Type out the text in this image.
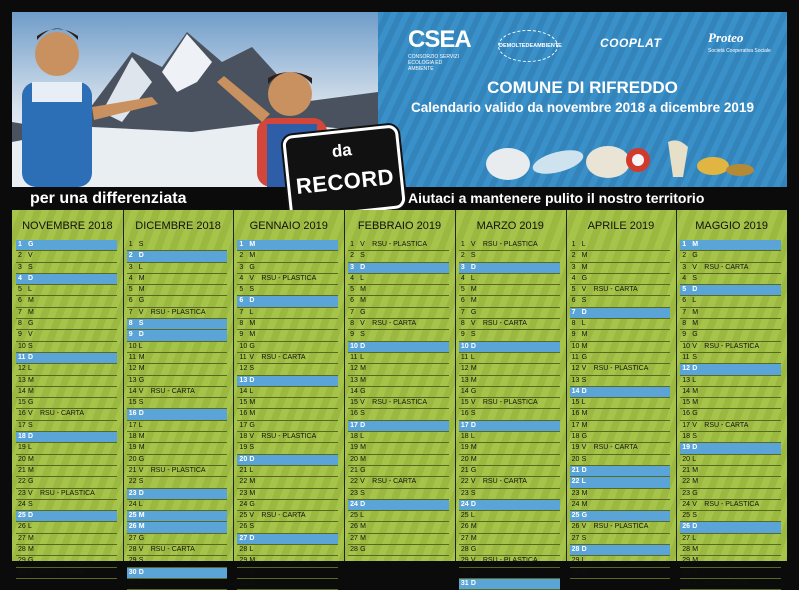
CSEA
CONSORZIO SERVIZI ECOLOGIA ED AMBIENTE
DEMOLTEDEAMBIENTE	COOPLAT	Proteo
Società Cooperativa Sociale
COMUNE DI RIFREDDO
Calendario valido da novembre 2018 a dicembre 2019
per una differenziata	Aiutaci a mantenere pulito il nostro territorio
da
RECORD
NOVEMBRE 2018
1 G
2 V
3 S
4 D
5 L
6 M
7 M
8 G
9 V
10 S
11 D
12 L
13 M
14 M
15 G
16 V	RSU - CARTA
17 S
18 D
19 L
20 M
21 M
22 G
23 V	RSU - PLASTICA
24 S
25 D
26 L
27 M
28 M
29 G
30 V	RSU - CARTA
DICEMBRE 2018
1 S
2 D
3 L
4 M
5 M
6 G
7 V	RSU - PLASTICA
8 S
9 D
10 L
11 M
12 M
13 G
14 V	RSU - CARTA
15 S
16 D
17 L
18 M
19 M
20 G
21 V	RSU - PLASTICA
22 S
23 D
24 L
25 M
26 M
27 G
28 V	RSU - CARTA
29 S
30 D
31 L
GENNAIO 2019
1 M
2 M
3 G
4 V	RSU - PLASTICA
5 S
6 D
7 L
8 M
9 M
10 G
11 V	RSU - CARTA
12 S
13 D
14 L
15 M
16 M
17 G
18 V	RSU - PLASTICA
19 S
20 D
21 L
22 M
23 M
24 G
25 V	RSU - CARTA
26 S
27 D
28 L
29 M
30 M
31 G
FEBBRAIO 2019
1 V	RSU - PLASTICA
2 S
3 D
4 L
5 M
6 M
7 G
8 V	RSU - CARTA
9 S
10 D
11 L
12 M
13 M
14 G
15 V	RSU - PLASTICA
16 S
17 D
18 L
19 M
20 M
21 G
22 V	RSU - CARTA
23 S
24 D
25 L
26 M
27 M
28 G
MARZO 2019
1 V	RSU - PLASTICA
2 S
3 D
4 L
5 M
6 M
7 G
8 V	RSU - CARTA
9 S
10 D
11 L
12 M
13 M
14 G
15 V	RSU - PLASTICA
16 S
17 D
18 L
19 M
20 M
21 G
22 V	RSU - CARTA
23 S
24 D
25 L
26 M
27 M
28 G
29 V	RSU - PLASTICA
30 S
31 D
APRILE 2019
1 L
2 M
3 M
4 G
5 V	RSU - CARTA
6 S
7 D
8 L
9 M
10 M
11 G
12 V	RSU - PLASTICA
13 S
14 D
15 L
16 M
17 M
18 G
19 V	RSU - CARTA
20 S
21 D
22 L
23 M
24 M
25 G
26 V	RSU - PLASTICA
27 S
28 D
29 L
30 M
MAGGIO 2019
1 M
2 G
3 V	RSU - CARTA
4 S
5 D
6 L
7 M
8 M
9 G
10 V	RSU - PLASTICA
11 S
12 D
13 L
14 M
15 M
16 G
17 V	RSU - CARTA
18 S
19 D
20 L
21 M
22 M
23 G
24 V	RSU - PLASTICA
25 S
26 D
27 L
28 M
29 M
30 G
31 V	RSU - CARTA
